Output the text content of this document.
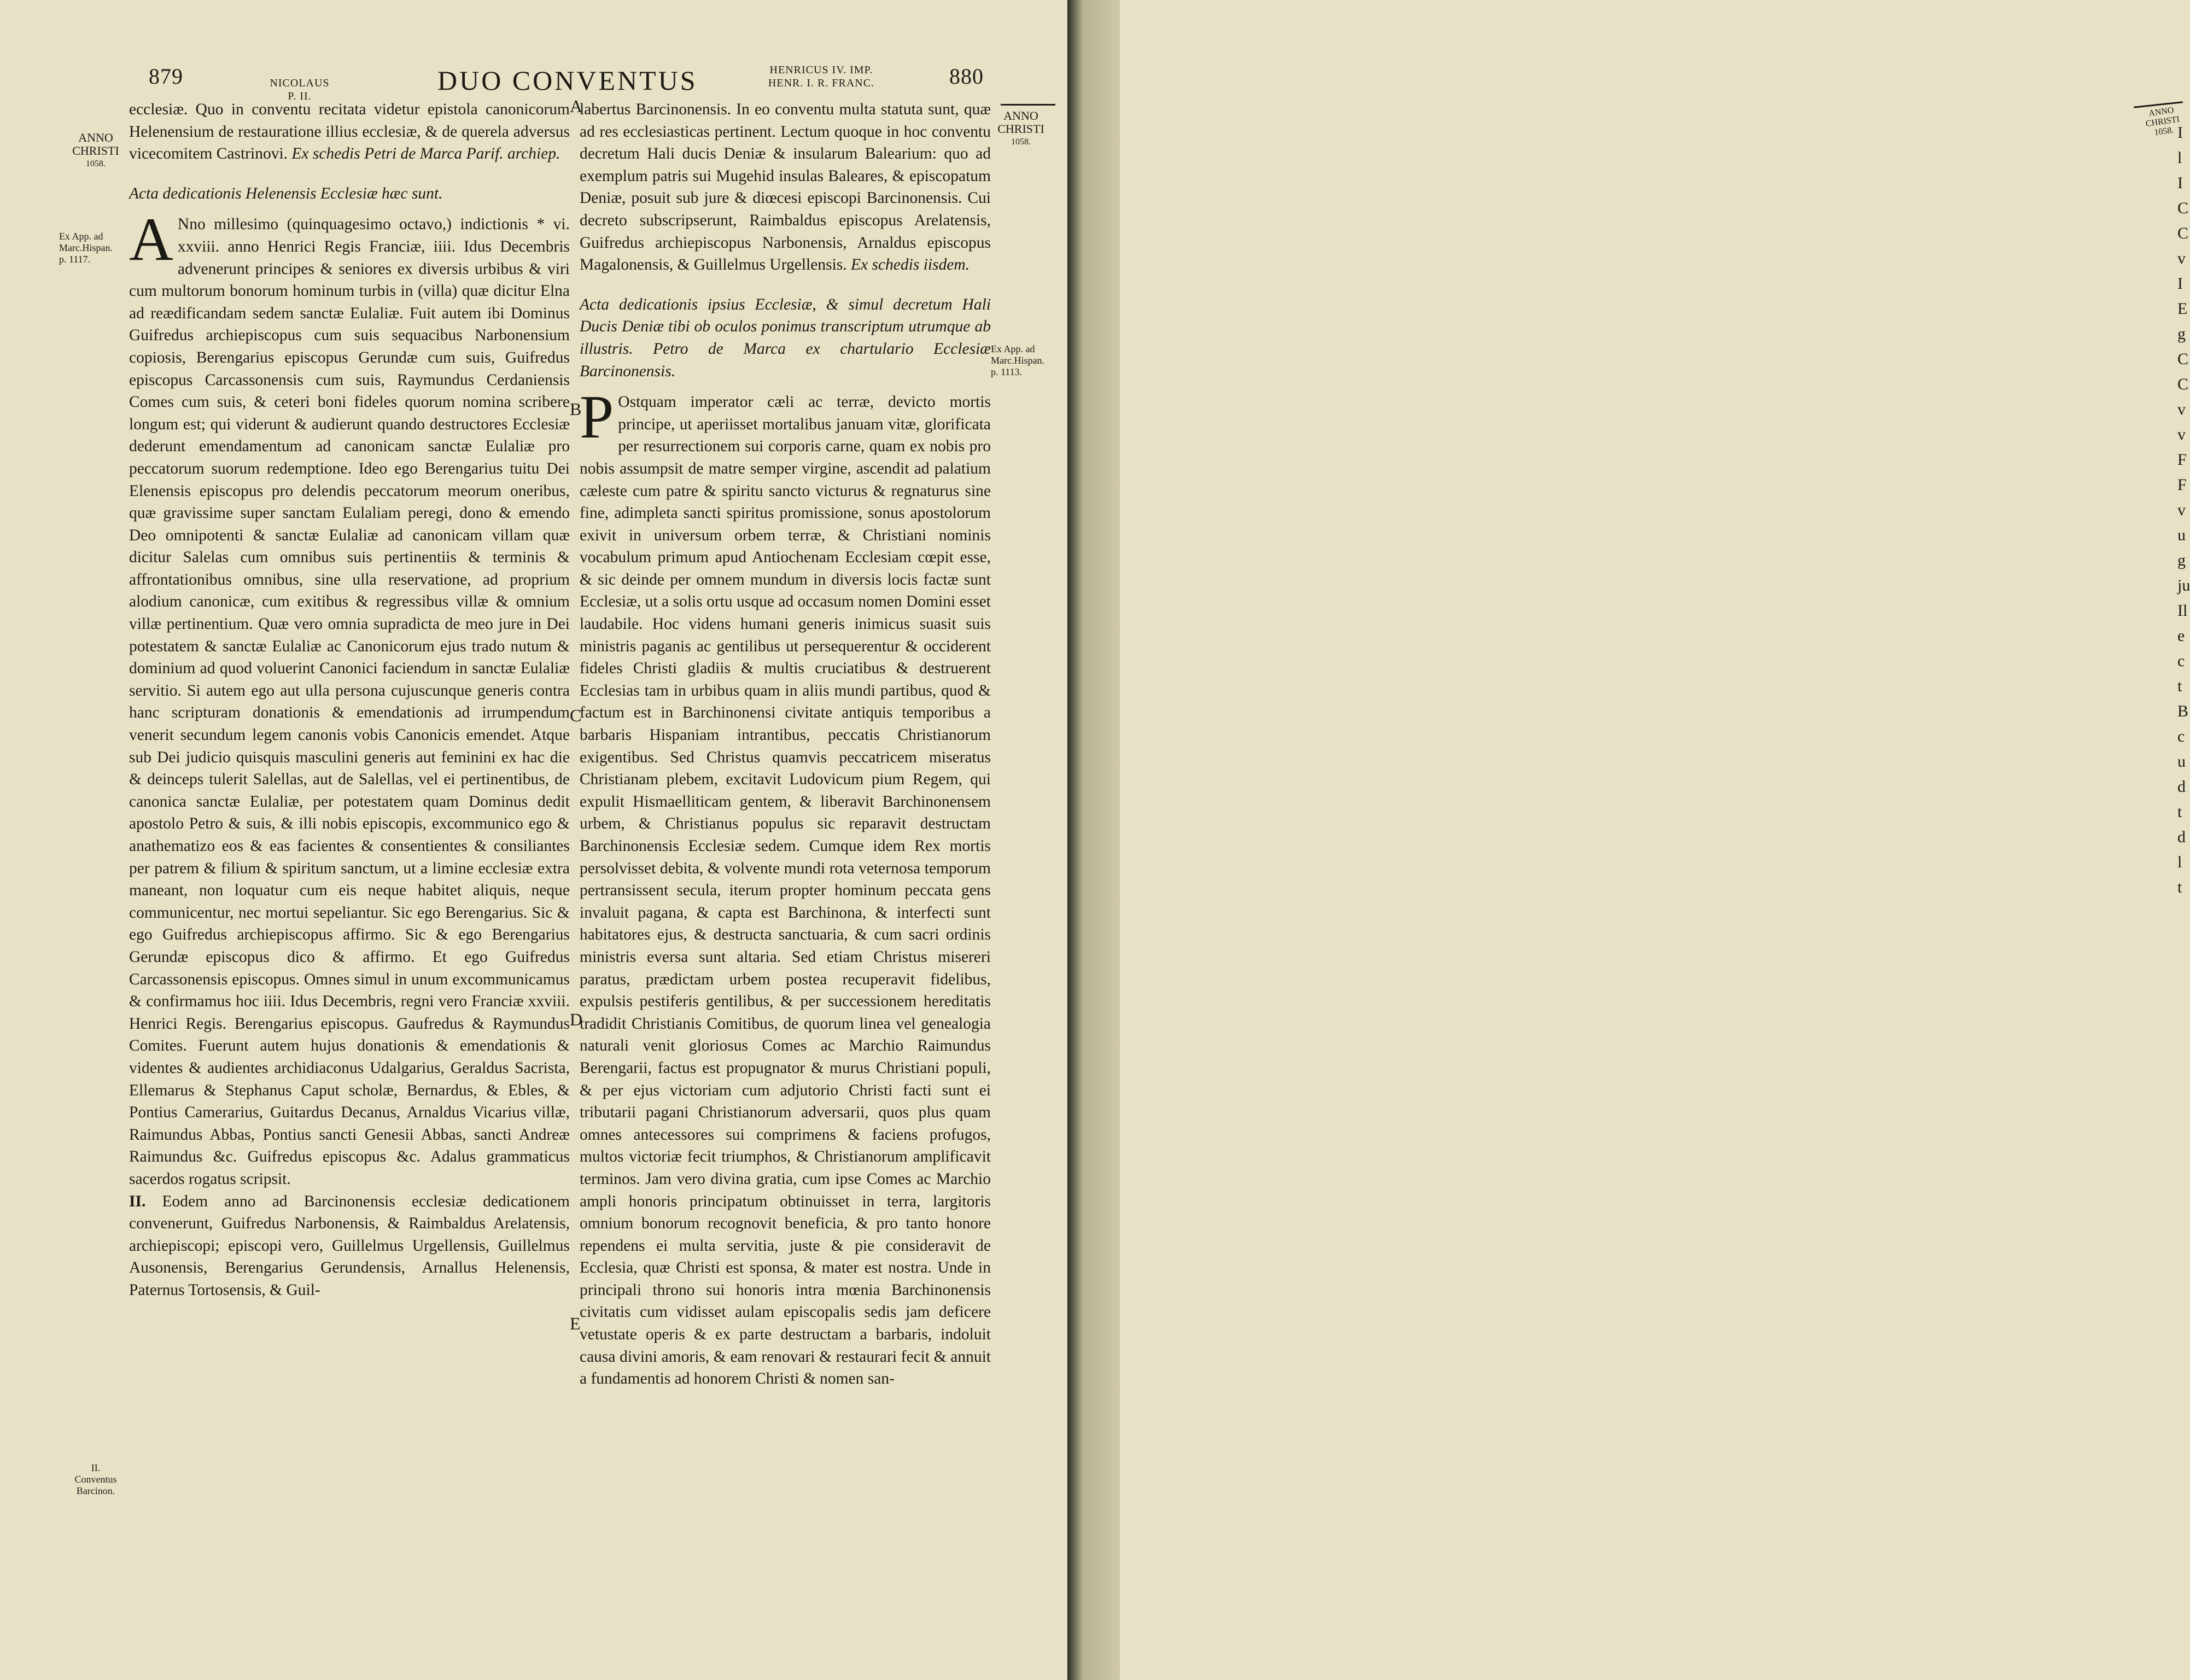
ANNO
CHRISTI
1058. I
l
I
C
C
v
I
E
g
C
C
v
v
F
F
v
u
g
ju
Il
e
c
t
B
c
u
d
t
d
l
t
879	NICOLAUS
P. II.
DUO CONVENTUS	HENRICUS IV. IMP.
HENR. I. R. FRANC.	880
ANNO
CHRISTI
1058.
Ex App. ad
Marc.Hispan.
p. 1117.
II.
Conventus
Barcinon.
ANNO
CHRISTI
1058.
Ex App. ad
Marc.Hispan.
p. 1113.
A
B
C
D
E

ecclesiæ. Quo in conventu recitata videtur epistola canonicorum Helenensium de restauratione illius ecclesiæ, & de querela adversus vicecomitem Castrinovi. Ex schedis Petri de Marca Parif. archiep.

Acta dedicationis Helenensis Ecclesiæ hæc sunt.

A Nno millesimo (quinquagesimo octavo,) indictionis * vi. xxviii. anno Henrici Regis Franciæ, iiii. Idus Decembris advenerunt principes & seniores ex diversis urbibus & viri cum multorum bonorum hominum turbis in (villa) quæ dicitur Elna ad reædificandam sedem sanctæ Eulaliæ. Fuit autem ibi Dominus Guifredus archiepiscopus cum suis sequacibus Narbonensium copiosis, Berengarius episcopus Gerundæ cum suis, Guifredus episcopus Carcassonensis cum suis, Raymundus Cerdaniensis Comes cum suis, & ceteri boni fideles quorum nomina scribere longum est; qui viderunt & audierunt quando destructores Ecclesiæ dederunt emendamentum ad canonicam sanctæ Eulaliæ pro peccatorum suorum redemptione. Ideo ego Berengarius tuitu Dei Elenensis episcopus pro delendis peccatorum meorum oneribus, quæ gravissime super sanctam Eulaliam peregi, dono & emendo Deo omnipotenti & sanctæ Eulaliæ ad canonicam villam quæ dicitur Salelas cum omnibus suis pertinentiis & terminis & affrontationibus omnibus, sine ulla reservatione, ad proprium alodium canonicæ, cum exitibus & regressibus villæ & omnium villæ pertinentium. Quæ vero omnia supradicta de meo jure in Dei potestatem & sanctæ Eulaliæ ac Canonicorum ejus trado nutum & dominium ad quod voluerint Canonici faciendum in sanctæ Eulaliæ servitio. Si autem ego aut ulla persona cujuscunque generis contra hanc scripturam donationis & emendationis ad irrumpendum venerit secundum legem canonis vobis Canonicis emendet. Atque sub Dei judicio quisquis masculini generis aut feminini ex hac die & deinceps tulerit Salellas, aut de Salellas, vel ei pertinentibus, de canonica sanctæ Eulaliæ, per potestatem quam Dominus dedit apostolo Petro & suis, & illi nobis episcopis, excommunico ego & anathematizo eos & eas facientes & consentientes & consiliantes per patrem & filium & spiritum sanctum, ut a limine ecclesiæ extra maneant, non loquatur cum eis neque habitet aliquis, neque communicentur, nec mortui sepeliantur. Sic ego Berengarius. Sic & ego Guifredus archiepiscopus affirmo. Sic & ego Berengarius Gerundæ episcopus dico & affirmo. Et ego Guifredus Carcassonensis episcopus. Omnes simul in unum excommunicamus & confirmamus hoc iiii. Idus Decembris, regni vero Franciæ xxviii. Henrici Regis. Berengarius episcopus. Gaufredus & Raymundus Comites. Fuerunt autem hujus donationis & emendationis & videntes & audientes archidiaconus Udalgarius, Geraldus Sacrista, Ellemarus & Stephanus Caput scholæ, Bernardus, & Ebles, & Pontius Camerarius, Guitardus Decanus, Arnaldus Vicarius villæ, Raimundus Abbas, Pontius sancti Genesii Abbas, sancti Andreæ Raimundus &c. Guifredus episcopus &c. Adalus grammaticus sacerdos rogatus scripsit.

II. Eodem anno ad Barcinonensis ecclesiæ dedicationem convenerunt, Guifredus Narbonensis, & Raimbaldus Arelatensis, archiepiscopi; episcopi vero, Guillelmus Urgellensis, Guillelmus Ausonensis, Berengarius Gerundensis, Arnallus Helenensis, Paternus Tortosensis, & Guil-

labertus Barcinonensis. In eo conventu multa statuta sunt, quæ ad res ecclesiasticas pertinent. Lectum quoque in hoc conventu decretum Hali ducis Deniæ & insularum Balearium: quo ad exemplum patris sui Mugehid insulas Baleares, & episcopatum Deniæ, posuit sub jure & diœcesi episcopi Barcinonensis. Cui decreto subscripserunt, Raimbaldus episcopus Arelatensis, Guifredus archiepiscopus Narbonensis, Arnaldus episcopus Magalonensis, & Guillelmus Urgellensis. Ex schedis iisdem.

Acta dedicationis ipsius Ecclesiæ, & simul decretum Hali Ducis Deniæ tibi ob oculos ponimus transcriptum utrumque ab illustris. Petro de Marca ex chartulario Ecclesiæ Barcinonensis.

P Ostquam imperator cæli ac terræ, devicto mortis principe, ut aperiisset mortalibus januam vitæ, glorificata per resurrectionem sui corporis carne, quam ex nobis pro nobis assumpsit de matre semper virgine, ascendit ad palatium cæleste cum patre & spiritu sancto victurus & regnaturus sine fine, adimpleta sancti spiritus promissione, sonus apostolorum exivit in universum orbem terræ, & Christiani nominis vocabulum primum apud Antiochenam Ecclesiam cœpit esse, & sic deinde per omnem mundum in diversis locis factæ sunt Ecclesiæ, ut a solis ortu usque ad occasum nomen Domini esset laudabile. Hoc videns humani generis inimicus suasit suis ministris paganis ac gentilibus ut persequerentur & occiderent fideles Christi gladiis & multis cruciatibus & destruerent Ecclesias tam in urbibus quam in aliis mundi partibus, quod & factum est in Barchinonensi civitate antiquis temporibus a barbaris Hispaniam intrantibus, peccatis Christianorum exigentibus. Sed Christus quamvis peccatricem miseratus Christianam plebem, excitavit Ludovicum pium Regem, qui expulit Hismaelliticam gentem, & liberavit Barchinonensem urbem, & Christianus populus sic reparavit destructam Barchinonensis Ecclesiæ sedem. Cumque idem Rex mortis persolvisset debita, & volvente mundi rota veternosa temporum pertransissent secula, iterum propter hominum peccata gens invaluit pagana, & capta est Barchinona, & interfecti sunt habitatores ejus, & destructa sanctuaria, & cum sacri ordinis ministris eversa sunt altaria. Sed etiam Christus misereri paratus, prædictam urbem postea recuperavit fidelibus, expulsis pestiferis gentilibus, & per successionem hereditatis tradidit Christianis Comitibus, de quorum linea vel genealogia naturali venit gloriosus Comes ac Marchio Raimundus Berengarii, factus est propugnator & murus Christiani populi, & per ejus victoriam cum adjutorio Christi facti sunt ei tributarii pagani Christianorum adversarii, quos plus quam omnes antecessores sui comprimens & faciens profugos, multos victoriæ fecit triumphos, & Christianorum amplificavit terminos. Jam vero divina gratia, cum ipse Comes ac Marchio ampli honoris principatum obtinuisset in terra, largitoris omnium bonorum recognovit beneficia, & pro tanto honore rependens ei multa servitia, juste & pie consideravit de Ecclesia, quæ Christi est sponsa, & mater est nostra. Unde in principali throno sui honoris intra mœnia Barchinonensis civitatis cum vidisset aulam episcopalis sedis jam deficere vetustate operis & ex parte destructam a barbaris, indoluit causa divini amoris, & eam renovari & restaurari fecit & annuit a fundamentis ad honorem Christi & nomen san-
